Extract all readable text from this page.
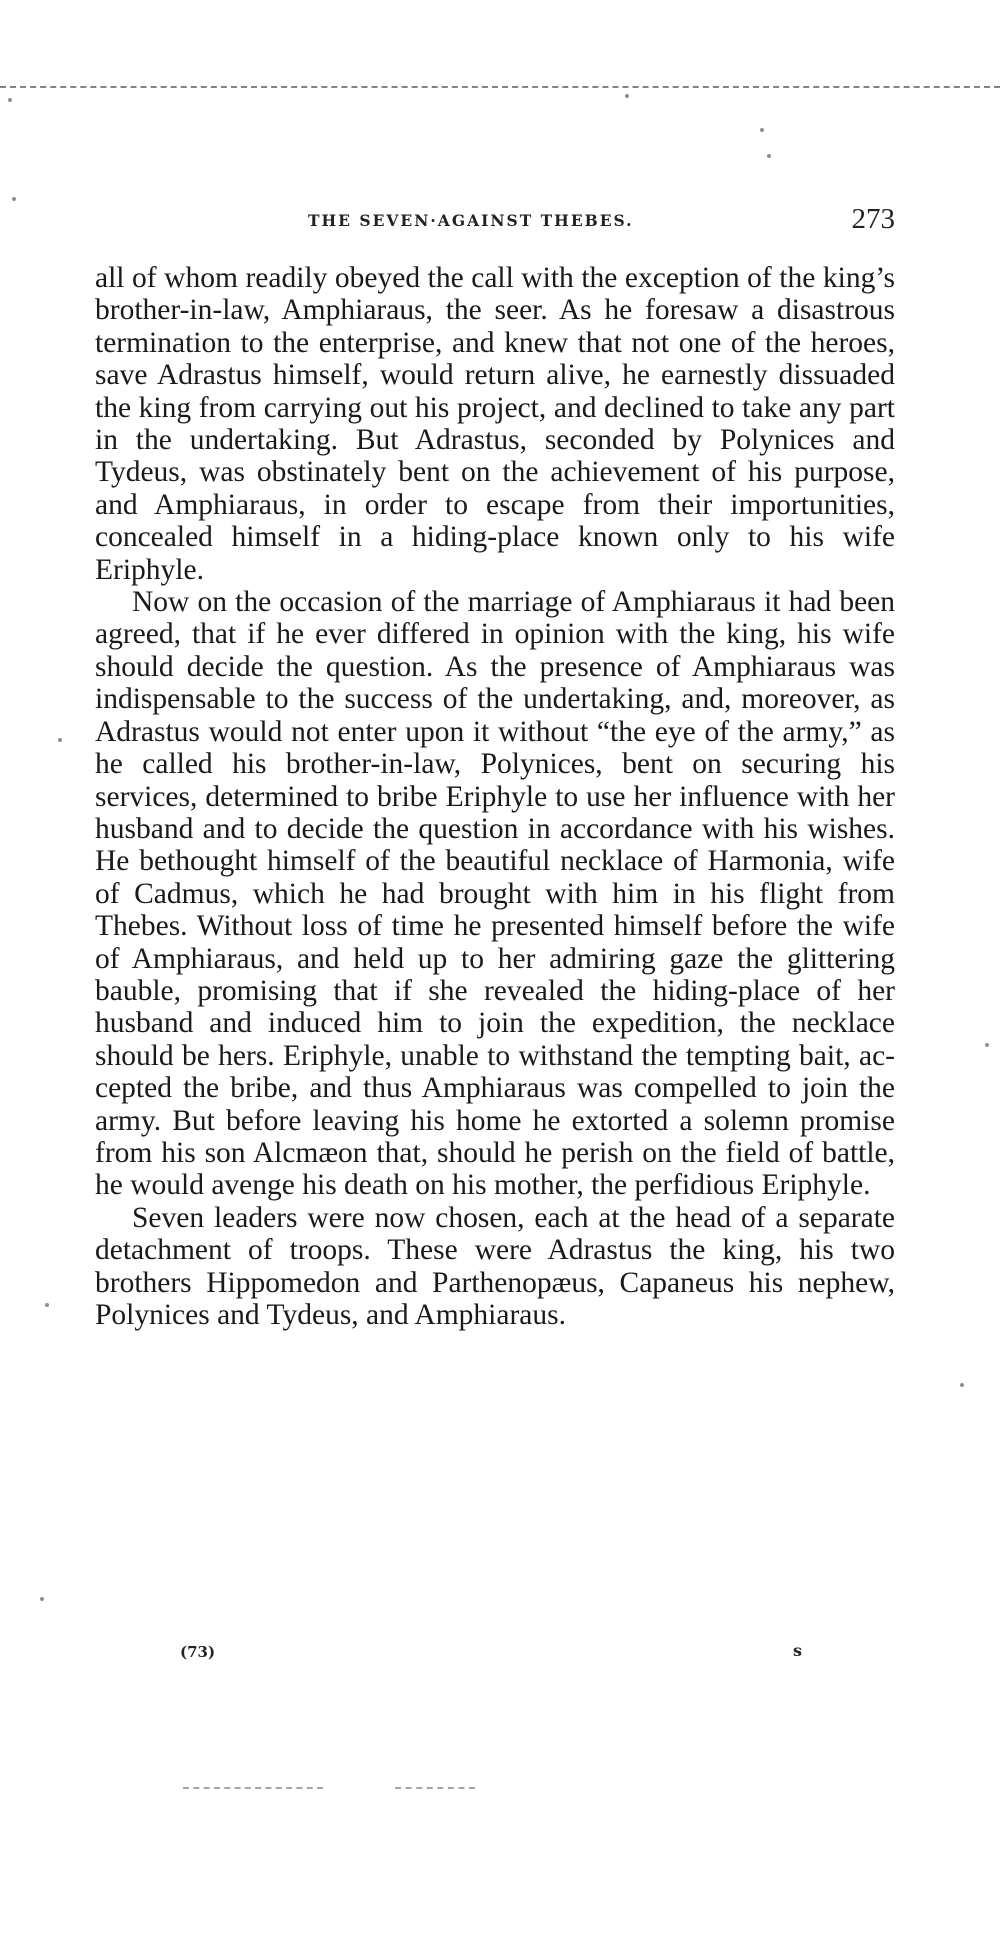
THE SEVEN·AGAINST THEBES.	273

all of whom readily obeyed the call with the exception of the king’s brother-in-law, Amphiaraus, the seer. As he foresaw a disastrous termination to the enterprise, and knew that not one of the heroes, save Adrastus himself, would return alive, he earnestly dissuaded the king from carrying out his project, and declined to take any part in the undertaking. But Adrastus, seconded by Polynices and Tydeus, was obstinately bent on the achievement of his purpose, and Amphiaraus, in order to escape from their importunities, concealed himself in a hiding-place known only to his wife Eriphyle.

Now on the occasion of the marriage of Amphiaraus it had been agreed, that if he ever differed in opinion with the king, his wife should decide the question. As the presence of Amphiaraus was indispensable to the success of the undertaking, and, moreover, as Adrastus would not enter upon it without “the eye of the army,” as he called his brother-in-law, Polynices, bent on securing his services, determined to bribe Eriphyle to use her influence with her husband and to decide the question in accordance with his wishes. He bethought himself of the beautiful necklace of Harmonia, wife of Cadmus, which he had brought with him in his flight from Thebes. Without loss of time he presented himself before the wife of Amphiaraus, and held up to her admiring gaze the glittering bauble, promising that if she revealed the hiding-place of her husband and induced him to join the expedition, the necklace should be hers. Eriphyle, unable to withstand the tempting bait, accepted the bribe, and thus Amphiaraus was compelled to join the army. But before leaving his home he extorted a solemn promise from his son Alcmæon that, should he perish on the field of battle, he would avenge his death on his mother, the perfidious Eriphyle.

Seven leaders were now chosen, each at the head of a separate detachment of troops. These were Adrastus the king, his two brothers Hippomedon and Parthenopæus, Capaneus his nephew, Polynices and Tydeus, and Amphiaraus.

(73)	s
